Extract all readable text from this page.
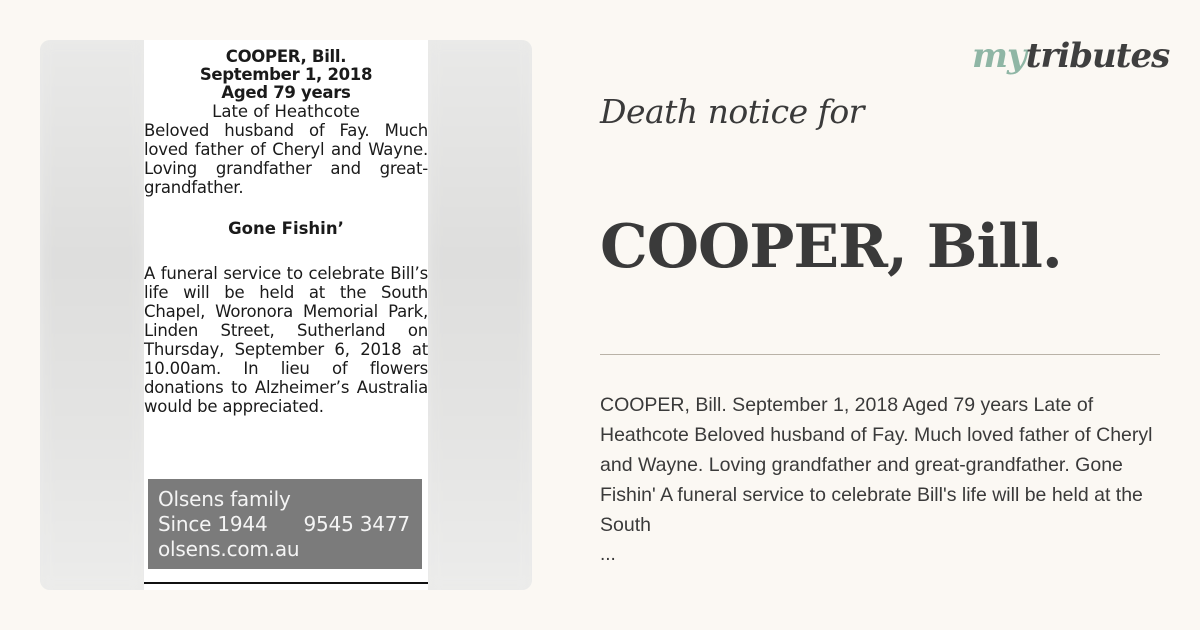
COOPER, Bill.
September 1, 2018
Aged 79 years
Late of Heathcote
Beloved husband of Fay. Much loved father of Cheryl and Wayne. Loving grandfather and great-grandfather.
Gone Fishin’
A funeral service to celebrate Bill’s life will be held at the South Chapel, Woronora Memorial Park, Linden Street, Sutherland on Thursday, September 6, 2018 at 10.00am. In lieu of flowers donations to Alzheimer’s Australia would be appreciated.
Olsens family
Since 1944 9545 3477
olsens.com.au
mytributes
Death notice for
COOPER, Bill.
COOPER, Bill. September 1, 2018 Aged 79 years Late of Heathcote Beloved husband of Fay. Much loved father of Cheryl and Wayne. Loving grandfather and great-grandfather. Gone Fishin' A funeral service to celebrate Bill's life will be held at the South
...
